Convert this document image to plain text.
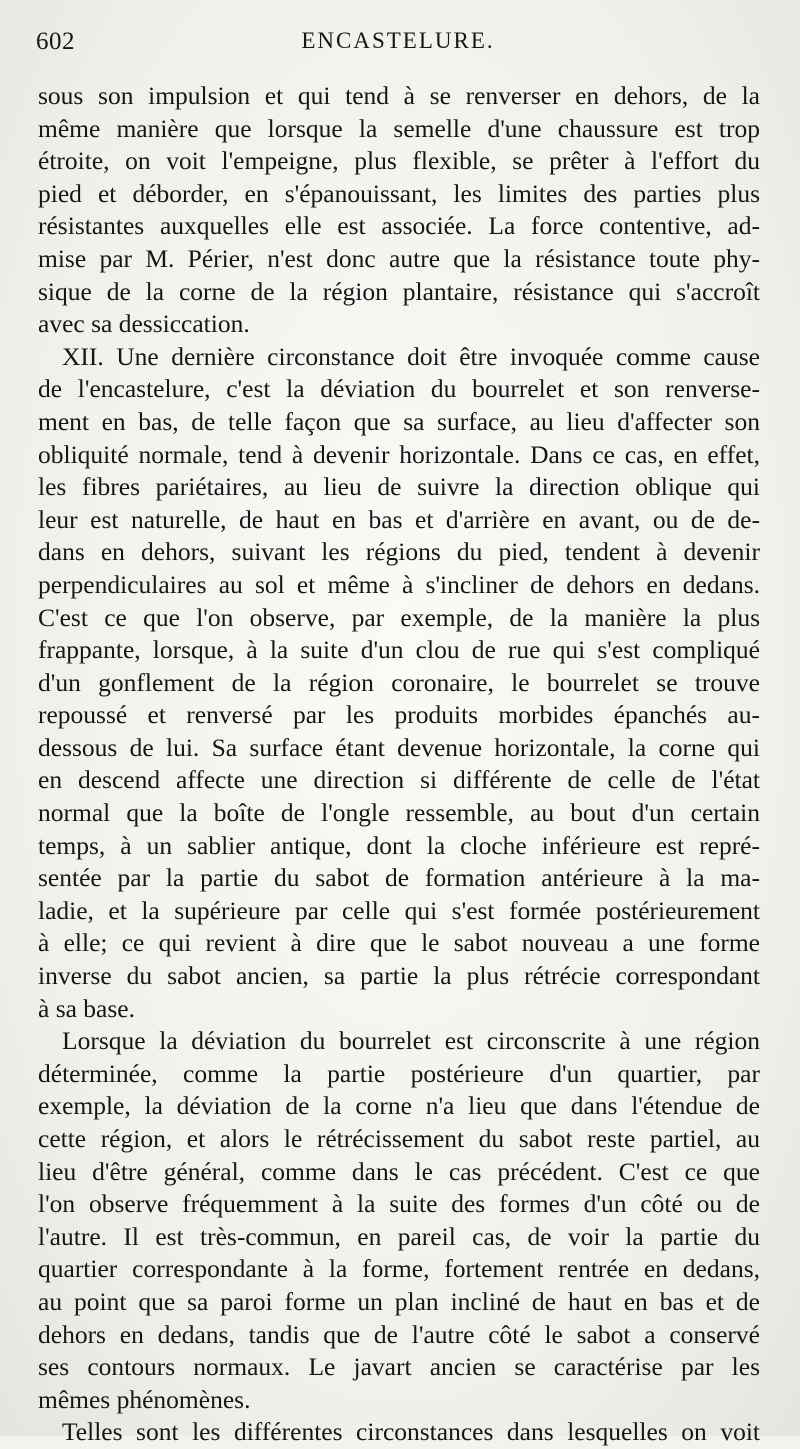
602	ENCASTELURE.
sous son impulsion et qui tend à se renverser en dehors, de la
même manière que lorsque la semelle d'une chaussure est trop
étroite, on voit l'empeigne, plus flexible, se prêter à l'effort du
pied et déborder, en s'épanouissant, les limites des parties plus
résistantes auxquelles elle est associée. La force contentive, ad-
mise par M. Périer, n'est donc autre que la résistance toute phy-
sique de la corne de la région plantaire, résistance qui s'accroît
avec sa dessiccation.
XII. Une dernière circonstance doit être invoquée comme cause
de l'encastelure, c'est la déviation du bourrelet et son renverse-
ment en bas, de telle façon que sa surface, au lieu d'affecter son
obliquité normale, tend à devenir horizontale. Dans ce cas, en effet,
les fibres pariétaires, au lieu de suivre la direction oblique qui
leur est naturelle, de haut en bas et d'arrière en avant, ou de de-
dans en dehors, suivant les régions du pied, tendent à devenir
perpendiculaires au sol et même à s'incliner de dehors en dedans.
C'est ce que l'on observe, par exemple, de la manière la plus
frappante, lorsque, à la suite d'un clou de rue qui s'est compliqué
d'un gonflement de la région coronaire, le bourrelet se trouve
repoussé et renversé par les produits morbides épanchés au-
dessous de lui. Sa surface étant devenue horizontale, la corne qui
en descend affecte une direction si différente de celle de l'état
normal que la boîte de l'ongle ressemble, au bout d'un certain
temps, à un sablier antique, dont la cloche inférieure est repré-
sentée par la partie du sabot de formation antérieure à la ma-
ladie, et la supérieure par celle qui s'est formée postérieurement
à elle; ce qui revient à dire que le sabot nouveau a une forme
inverse du sabot ancien, sa partie la plus rétrécie correspondant
à sa base.
Lorsque la déviation du bourrelet est circonscrite à une région
déterminée, comme la partie postérieure d'un quartier, par
exemple, la déviation de la corne n'a lieu que dans l'étendue de
cette région, et alors le rétrécissement du sabot reste partiel, au
lieu d'être général, comme dans le cas précédent. C'est ce que
l'on observe fréquemment à la suite des formes d'un côté ou de
l'autre. Il est très-commun, en pareil cas, de voir la partie du
quartier correspondante à la forme, fortement rentrée en dedans,
au point que sa paroi forme un plan incliné de haut en bas et de
dehors en dedans, tandis que de l'autre côté le sabot a conservé
ses contours normaux. Le javart ancien se caractérise par les
mêmes phénomènes.
Telles sont les différentes circonstances dans lesquelles on voit
